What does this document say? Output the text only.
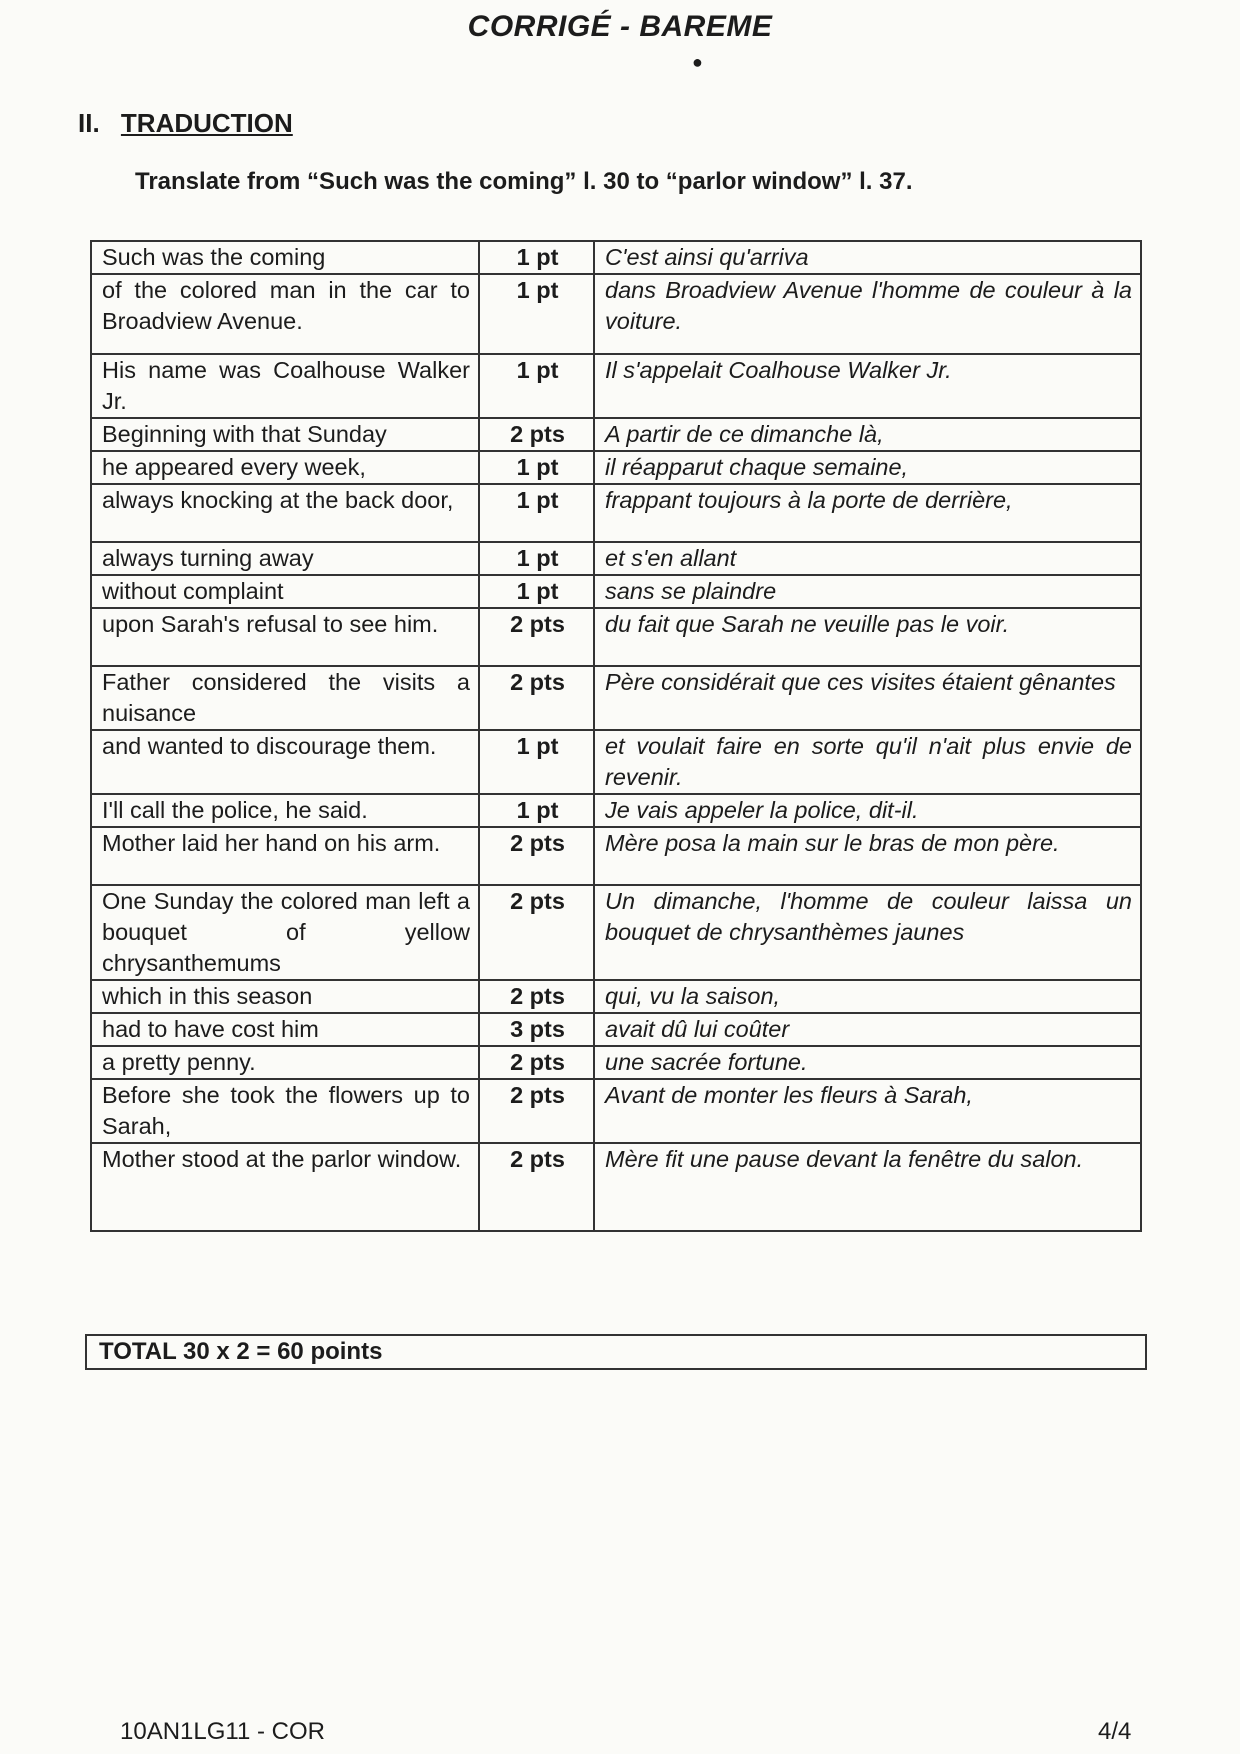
CORRIGÉ - BAREME
●
II. TRADUCTION
Translate from “Such was the coming” l. 30 to “parlor window” l. 37.
Such was the coming	1 pt	C'est ainsi qu'arriva
of the colored man in the car to Broadview Avenue.	1 pt	dans Broadview Avenue l'homme de couleur à la voiture.
His name was Coalhouse Walker Jr.	1 pt	Il s'appelait Coalhouse Walker Jr.
Beginning with that Sunday	2 pts	A partir de ce dimanche là,
he appeared every week,	1 pt	il réapparut chaque semaine,
always knocking at the back door,	1 pt	frappant toujours à la porte de derrière,
always turning away	1 pt	et s'en allant
without complaint	1 pt	sans se plaindre
upon Sarah's refusal to see him.	2 pts	du fait que Sarah ne veuille pas le voir.
Father considered the visits a nuisance	2 pts	Père considérait que ces visites étaient gênantes
and wanted to discourage them.	1 pt	et voulait faire en sorte qu'il n'ait plus envie de revenir.
I'll call the police, he said.	1 pt	Je vais appeler la police, dit-il.
Mother laid her hand on his arm.	2 pts	Mère posa la main sur le bras de mon père.
One Sunday the colored man left a bouquet of yellow chrysanthemums	2 pts	Un dimanche, l'homme de couleur laissa un bouquet de chrysanthèmes jaunes
which in this season	2 pts	qui, vu la saison,
had to have cost him	3 pts	avait dû lui coûter
a pretty penny.	2 pts	une sacrée fortune.
Before she took the flowers up to Sarah,	2 pts	Avant de monter les fleurs à Sarah,
Mother stood at the parlor window.	2 pts	Mère fit une pause devant la fenêtre du salon.
TOTAL 30 x 2 = 60 points
10AN1LG11 - COR	4/4
